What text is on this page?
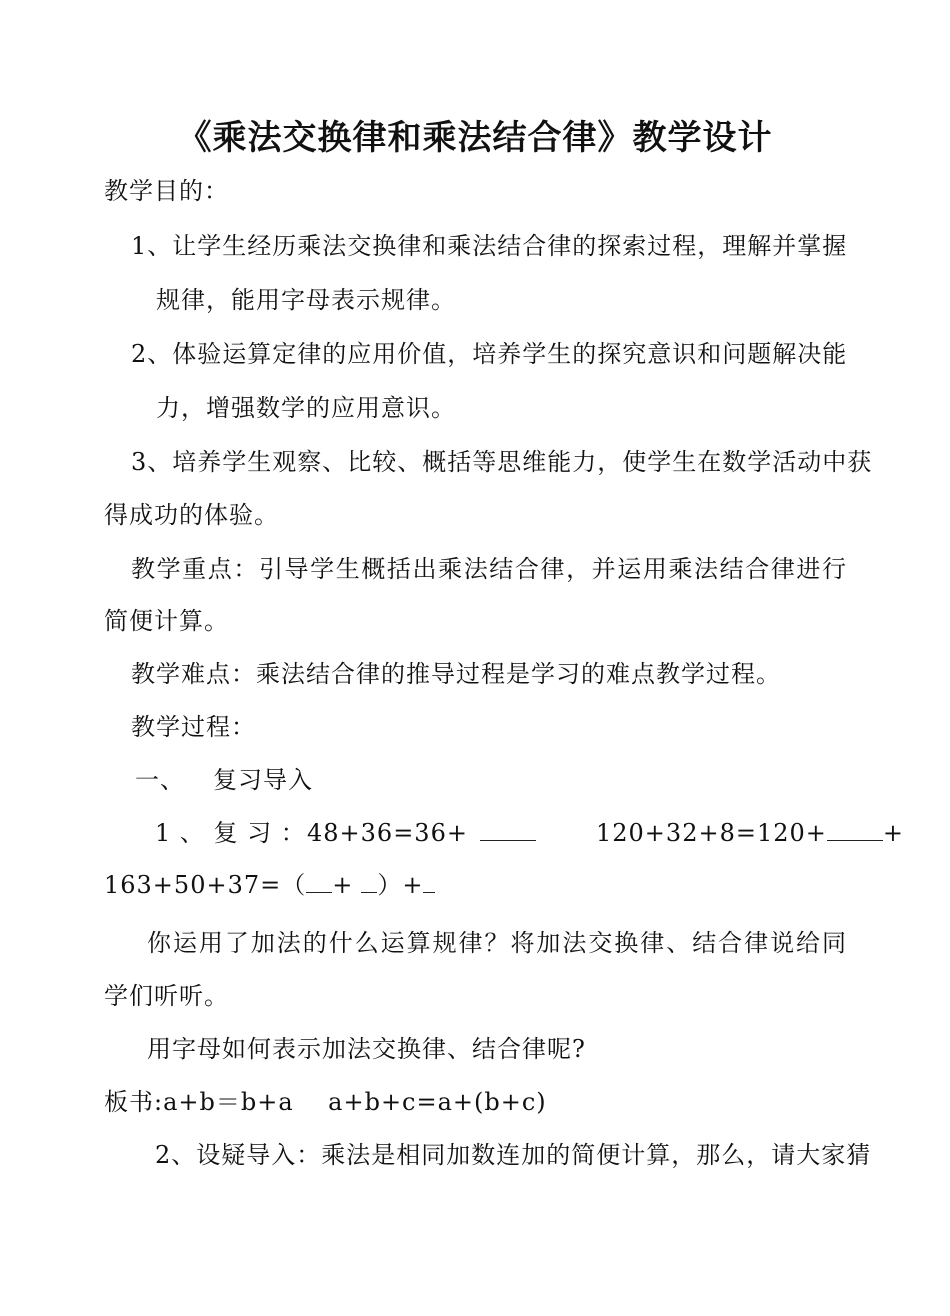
《乘法交换律和乘法结合律》教学设计
教学目的：
1、让学生经历乘法交换律和乘法结合律的探索过程，理解并掌握
规律，能用字母表示规律。
2、体验运算定律的应用价值，培养学生的探究意识和问题解决能
力，增强数学的应用意识。
3、培养学生观察、比较、概括等思维能力，使学生在数学活动中获
得成功的体验。
教学重点：引导学生概括出乘法结合律，并运用乘法结合律进行
简便计算。
教学难点：乘法结合律的推导过程是学习的难点教学过程。
教学过程：
一、 复习导入
1 、 复 习 ： 48+36=36+	120+32+8=120+ +
163+50+37=（ + ）+
你运用了加法的什么运算规律？将加法交换律、结合律说给同
学们听听。
用字母如何表示加法交换律、结合律呢?
板书:a+b＝b+a    a+b+c=a+(b+c)
2、设疑导入：乘法是相同加数连加的简便计算，那么，请大家猜
